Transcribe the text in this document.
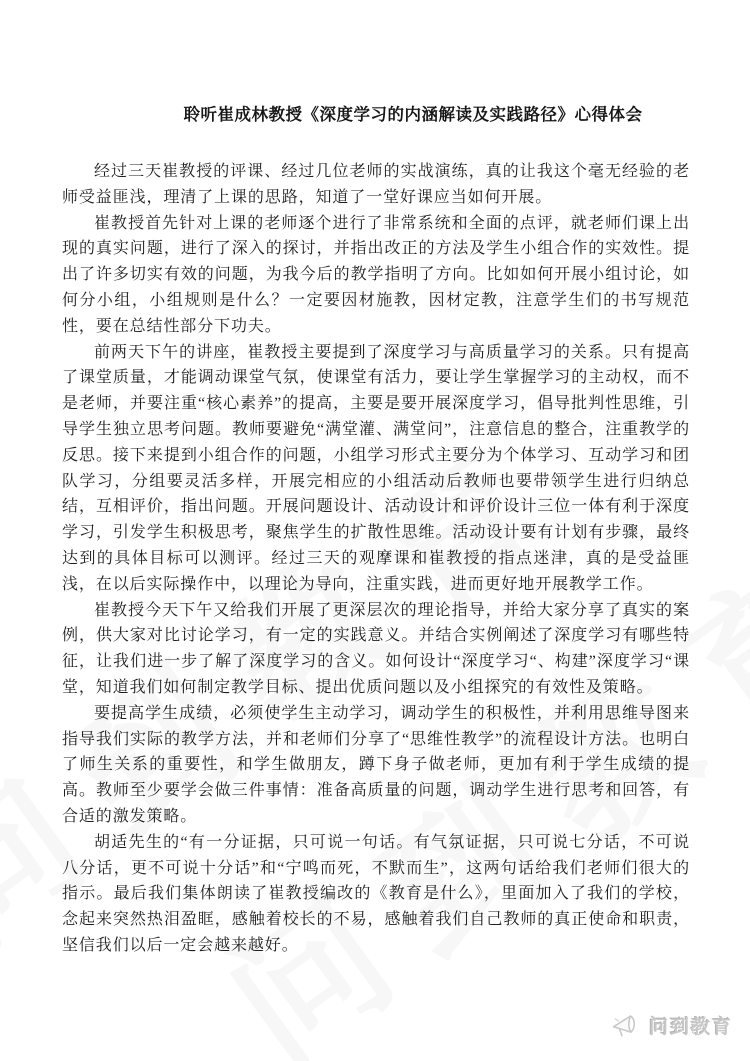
聆听崔成林教授《深度学习的内涵解读及实践路径》心得体会

经过三天崔教授的评课、经过几位老师的实战演练，真的让我这个毫无经验的老师受益匪浅，理清了上课的思路，知道了一堂好课应当如何开展。

崔教授首先针对上课的老师逐个进行了非常系统和全面的点评，就老师们课上出现的真实问题，进行了深入的探讨，并指出改正的方法及学生小组合作的实效性。提出了许多切实有效的问题，为我今后的教学指明了方向。比如如何开展小组讨论，如何分小组，小组规则是什么？一定要因材施教，因材定教，注意学生们的书写规范性，要在总结性部分下功夫。

前两天下午的讲座，崔教授主要提到了深度学习与高质量学习的关系。只有提高了课堂质量，才能调动课堂气氛，使课堂有活力，要让学生掌握学习的主动权，而不是老师，并要注重“核心素养”的提高，主要是要开展深度学习，倡导批判性思维，引导学生独立思考问题。教师要避免“满堂灌、满堂问”，注意信息的整合，注重教学的反思。接下来提到小组合作的问题，小组学习形式主要分为个体学习、互动学习和团队学习，分组要灵活多样，开展完相应的小组活动后教师也要带领学生进行归纳总结，互相评价，指出问题。开展问题设计、活动设计和评价设计三位一体有利于深度学习，引发学生积极思考，聚焦学生的扩散性思维。活动设计要有计划有步骤，最终达到的具体目标可以测评。经过三天的观摩课和崔教授的指点迷津，真的是受益匪浅，在以后实际操作中，以理论为导向，注重实践，进而更好地开展教学工作。

崔教授今天下午又给我们开展了更深层次的理论指导，并给大家分享了真实的案例，供大家对比讨论学习，有一定的实践意义。并结合实例阐述了深度学习有哪些特征，让我们进一步了解了深度学习的含义。如何设计“深度学习“、构建”深度学习“课堂，知道我们如何制定教学目标、提出优质问题以及小组探究的有效性及策略。

要提高学生成绩，必须使学生主动学习，调动学生的积极性，并利用思维导图来指导我们实际的教学方法，并和老师们分享了“思维性教学”的流程设计方法。也明白了师生关系的重要性，和学生做朋友，蹲下身子做老师，更加有利于学生成绩的提高。教师至少要学会做三件事情：准备高质量的问题，调动学生进行思考和回答，有合适的激发策略。

胡适先生的“有一分证据，只可说一句话。有气氛证据，只可说七分话，不可说八分话，更不可说十分话”和“宁鸣而死，不默而生”，这两句话给我们老师们很大的指示。最后我们集体朗读了崔教授编改的《教育是什么》，里面加入了我们的学校，念起来突然热泪盈眶，感触着校长的不易，感触着我们自己教师的真正使命和职责，坚信我们以后一定会越来越好。

问到教育
